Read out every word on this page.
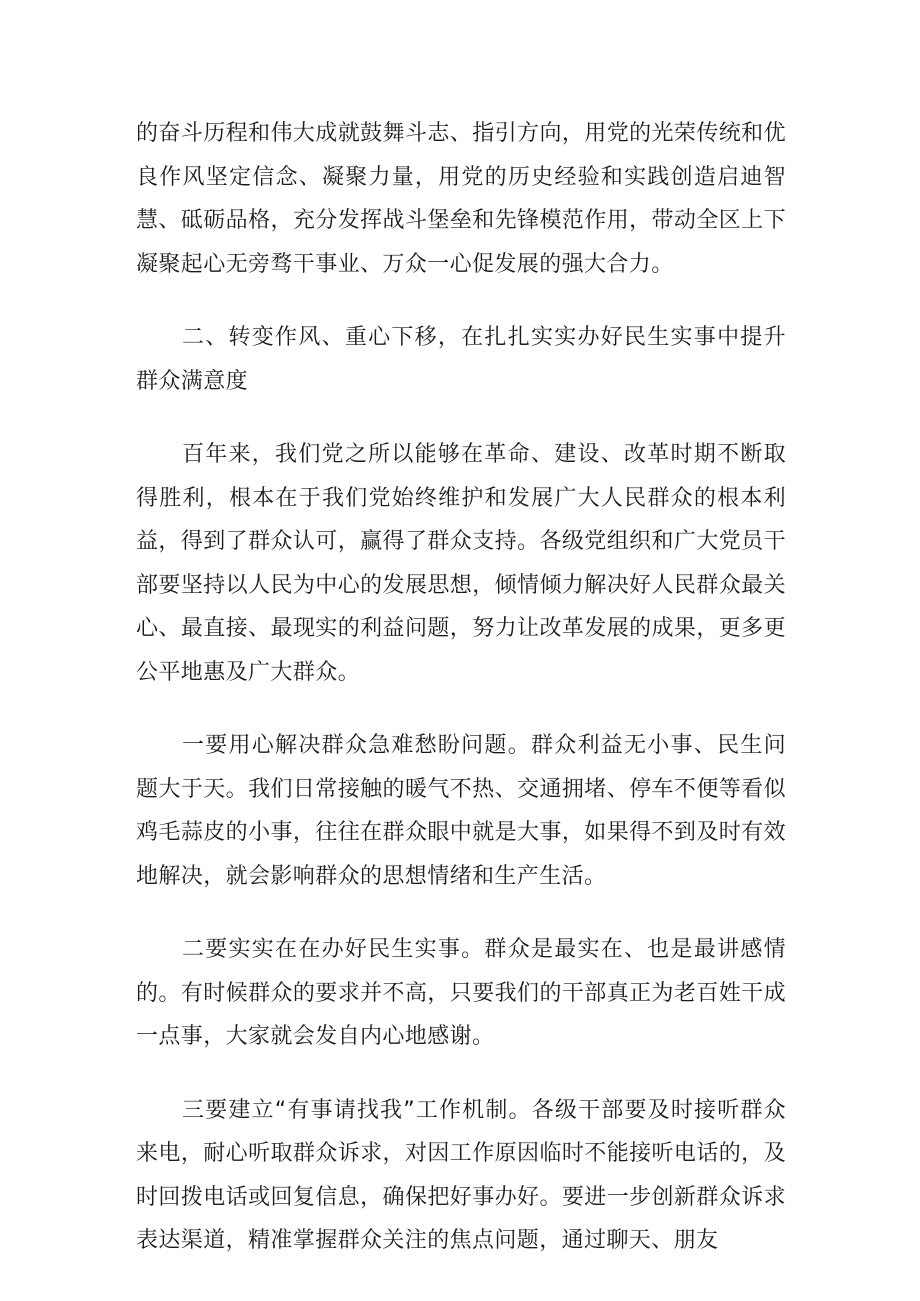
的奋斗历程和伟大成就鼓舞斗志、指引方向，用党的光荣传统和优良作风坚定信念、凝聚力量，用党的历史经验和实践创造启迪智慧、砥砺品格，充分发挥战斗堡垒和先锋模范作用，带动全区上下凝聚起心无旁骛干事业、万众一心促发展的强大合力。

二、转变作风、重心下移，在扎扎实实办好民生实事中提升群众满意度

百年来，我们党之所以能够在革命、建设、改革时期不断取得胜利，根本在于我们党始终维护和发展广大人民群众的根本利益，得到了群众认可，赢得了群众支持。各级党组织和广大党员干部要坚持以人民为中心的发展思想，倾情倾力解决好人民群众最关心、最直接、最现实的利益问题，努力让改革发展的成果，更多更公平地惠及广大群众。

一要用心解决群众急难愁盼问题。群众利益无小事、民生问题大于天。我们日常接触的暖气不热、交通拥堵、停车不便等看似鸡毛蒜皮的小事，往往在群众眼中就是大事，如果得不到及时有效地解决，就会影响群众的思想情绪和生产生活。

二要实实在在办好民生实事。群众是最实在、也是最讲感情的。有时候群众的要求并不高，只要我们的干部真正为老百姓干成一点事，大家就会发自内心地感谢。

三要建立“有事请找我”工作机制。各级干部要及时接听群众来电，耐心听取群众诉求，对因工作原因临时不能接听电话的，及时回拨电话或回复信息，确保把好事办好。要进一步创新群众诉求表达渠道，精准掌握群众关注的焦点问题，通过聊天、朋友
